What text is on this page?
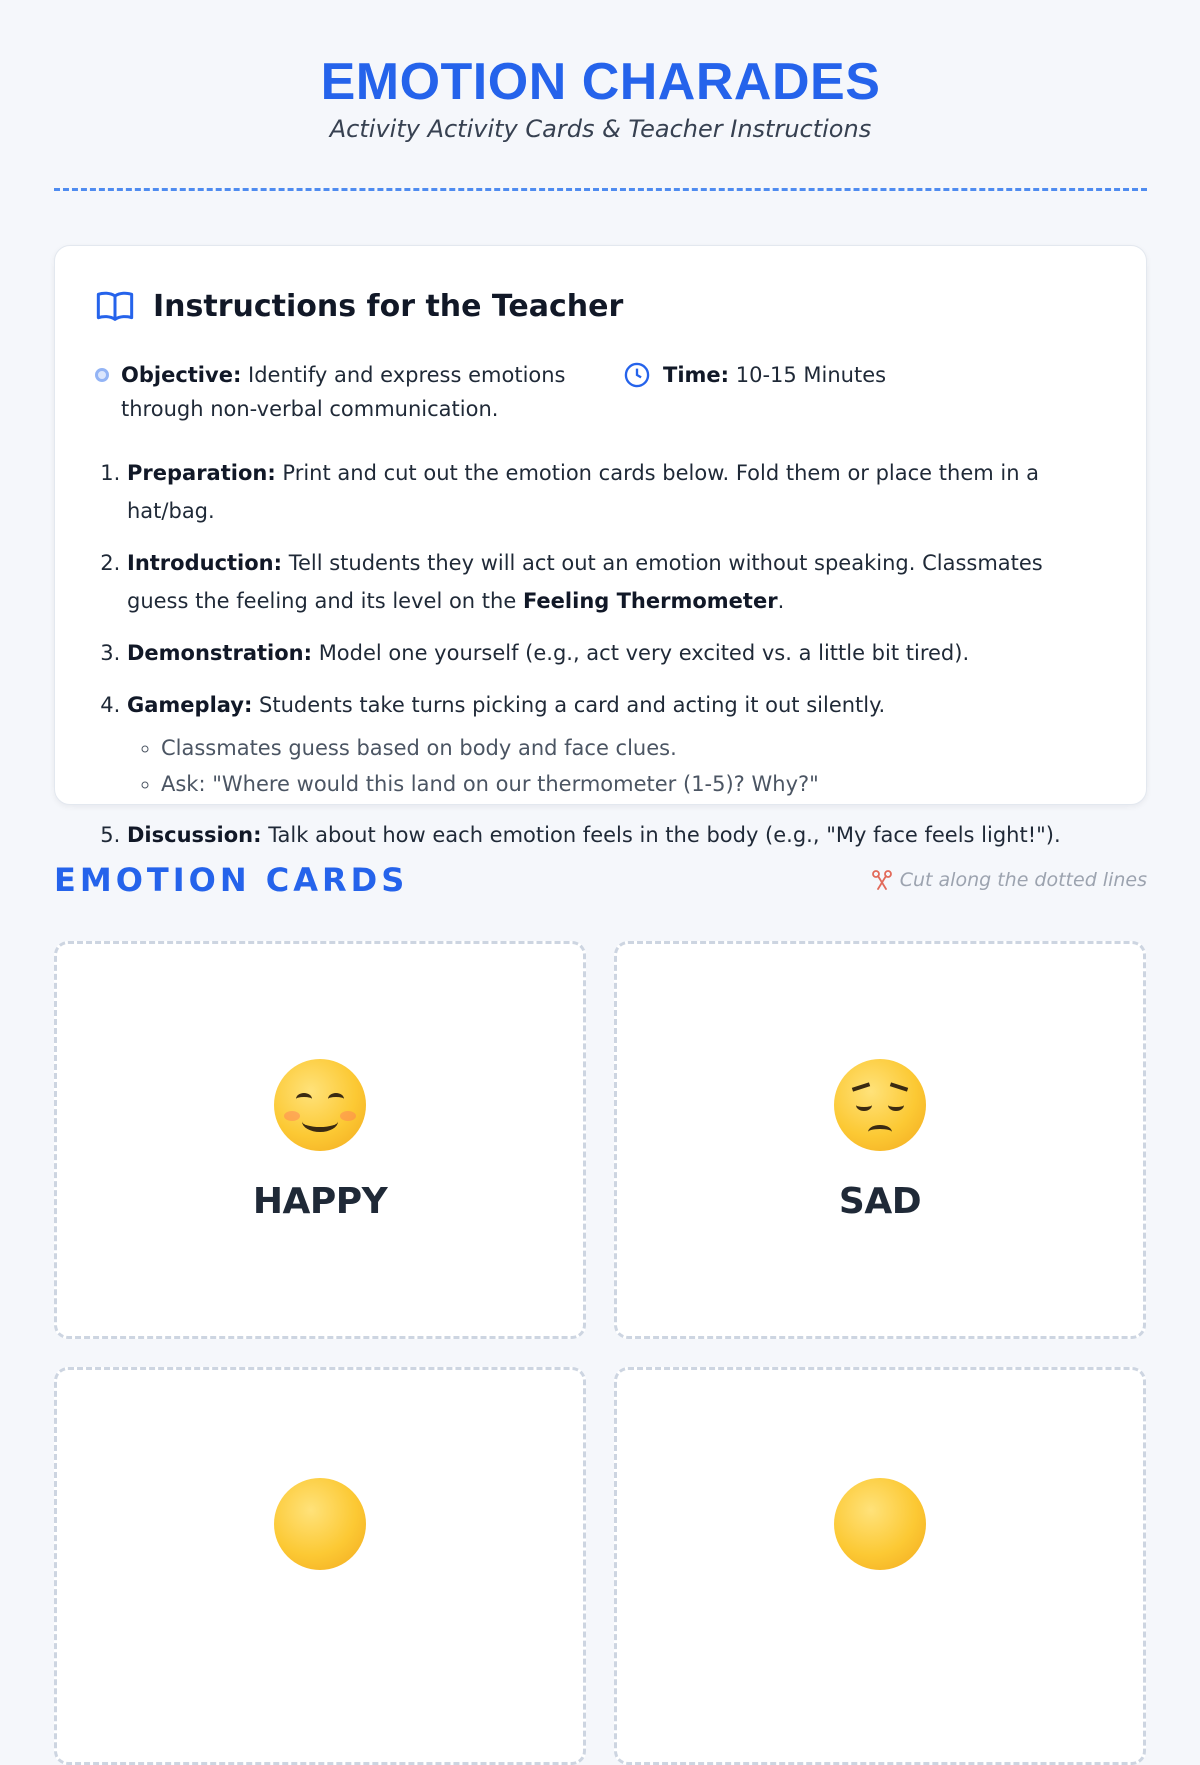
EMOTION CHARADES
Activity Activity Cards & Teacher Instructions
Instructions for the Teacher
Objective: Identify and express emotions through non-verbal communication.
Time: 10-15 Minutes
1. Preparation: Print and cut out the emotion cards below. Fold them or place them in a hat/bag.
2. Introduction: Tell students they will act out an emotion without speaking. Classmates guess the feeling and its level on the Feeling Thermometer.
3. Demonstration: Model one yourself (e.g., act very excited vs. a little bit tired).
4. Gameplay: Students take turns picking a card and acting it out silently.
◦ Classmates guess based on body and face clues.
◦ Ask: "Where would this land on our thermometer (1-5)? Why?"
5. Discussion: Talk about how each emotion feels in the body (e.g., "My face feels light!").
EMOTION CARDS	Cut along the dotted lines
HAPPY	SAD
